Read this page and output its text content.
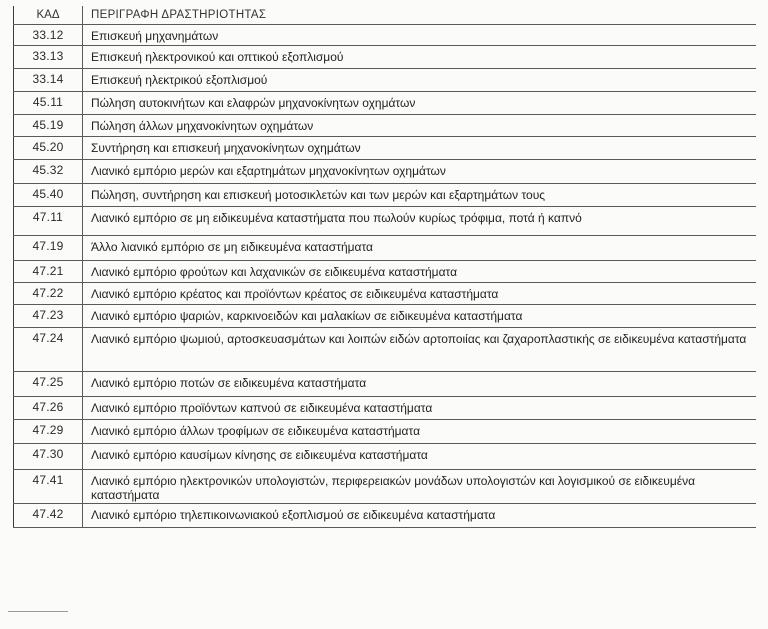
ΚΑΔ	ΠΕΡΙΓΡΑΦΗ ΔΡΑΣΤΗΡΙΟΤΗΤΑΣ
33.12	Επισκευή μηχανημάτων
33.13	Επισκευή ηλεκτρονικού και οπτικού εξοπλισμού
33.14	Επισκευή ηλεκτρικού εξοπλισμού
45.11	Πώληση αυτοκινήτων και ελαφρών μηχανοκίνητων οχημάτων
45.19	Πώληση άλλων μηχανοκίνητων οχημάτων
45.20	Συντήρηση και επισκευή μηχανοκίνητων οχημάτων
45.32	Λιανικό εμπόριο μερών και εξαρτημάτων μηχανοκίνητων οχημάτων
45.40	Πώληση, συντήρηση και επισκευή μοτοσικλετών και των μερών και εξαρτημάτων τους
47.11	Λιανικό εμπόριο σε μη ειδικευμένα καταστήματα που πωλούν κυρίως τρόφιμα, ποτά ή καπνό
47.19	Άλλο λιανικό εμπόριο σε μη ειδικευμένα καταστήματα
47.21	Λιανικό εμπόριο φρούτων και λαχανικών σε ειδικευμένα καταστήματα
47.22	Λιανικό εμπόριο κρέατος και προϊόντων κρέατος σε ειδικευμένα καταστήματα
47.23	Λιανικό εμπόριο ψαριών, καρκινοειδών και μαλακίων σε ειδικευμένα καταστήματα
47.24	Λιανικό εμπόριο ψωμιού, αρτοσκευασμάτων και λοιπών ειδών αρτοποιίας και ζαχαροπλαστικής σε ειδικευμένα καταστήματα
47.25	Λιανικό εμπόριο ποτών σε ειδικευμένα καταστήματα
47.26	Λιανικό εμπόριο προϊόντων καπνού σε ειδικευμένα καταστήματα
47.29	Λιανικό εμπόριο άλλων τροφίμων σε ειδικευμένα καταστήματα
47.30	Λιανικό εμπόριο καυσίμων κίνησης σε ειδικευμένα καταστήματα
47.41	Λιανικό εμπόριο ηλεκτρονικών υπολογιστών, περιφερειακών μονάδων υπολογιστών και λογισμικού σε ειδικευμένα καταστήματα
47.42	Λιανικό εμπόριο τηλεπικοινωνιακού εξοπλισμού σε ειδικευμένα καταστήματα
